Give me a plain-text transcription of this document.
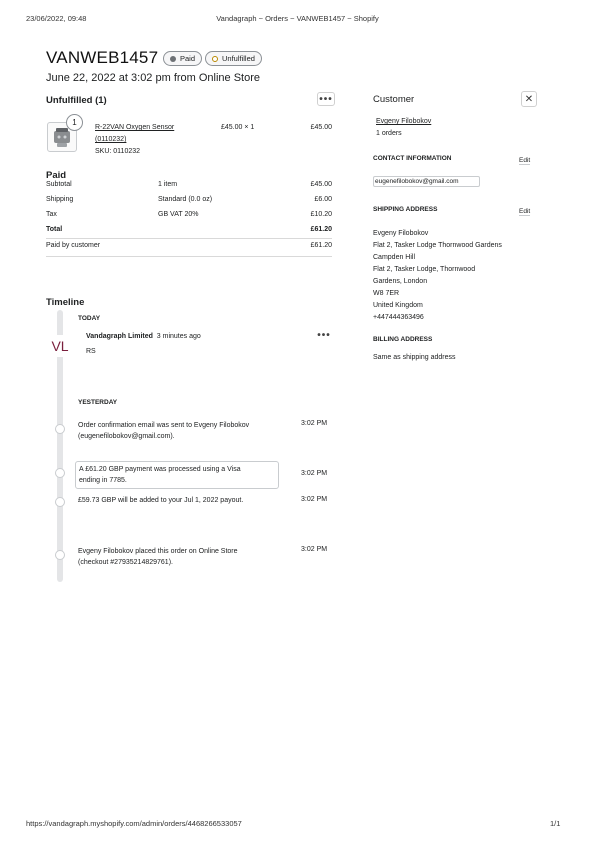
23/06/2022, 09:48	Vandagraph ~ Orders ~ VANWEB1457 ~ Shopify
VANWEB1457	Paid	Unfulfilled
June 22, 2022 at 3:02 pm from Online Store
Unfulfilled (1)	•••
1
R-22VAN Oxygen Sensor
(0110232)
SKU: 0110232
£45.00 × 1	£45.00
Paid
Subtotal	1 item	£45.00
Shipping	Standard (0.0 oz)	£6.00
Tax	GB VAT 20%	£10.20
Total	£61.20
Paid by customer	£61.20
Timeline
TODAY
VL
Vandagraph Limited 3 minutes ago
RS
•••
YESTERDAY
Order confirmation email was sent to Evgeny Filobokov
(eugenefilobokov@gmail.com).
3:02 PM
A £61.20 GBP payment was processed using a Visa
ending in 7785.
3:02 PM
£59.73 GBP will be added to your Jul 1, 2022 payout.	3:02 PM
Evgeny Filobokov placed this order on Online Store
(checkout #27935214829761).
3:02 PM
Customer	✕
Evgeny Filobokov
1 orders
CONTACT INFORMATION	Edit
eugenefilobokov@gmail.com
SHIPPING ADDRESS	Edit
Evgeny Filobokov
Flat 2, Tasker Lodge Thornwood Gardens
Campden Hill
Flat 2, Tasker Lodge, Thornwood
Gardens, London
W8 7ER
United Kingdom
+447444363496
BILLING ADDRESS
Same as shipping address
https://vandagraph.myshopify.com/admin/orders/4468266533057	1/1
